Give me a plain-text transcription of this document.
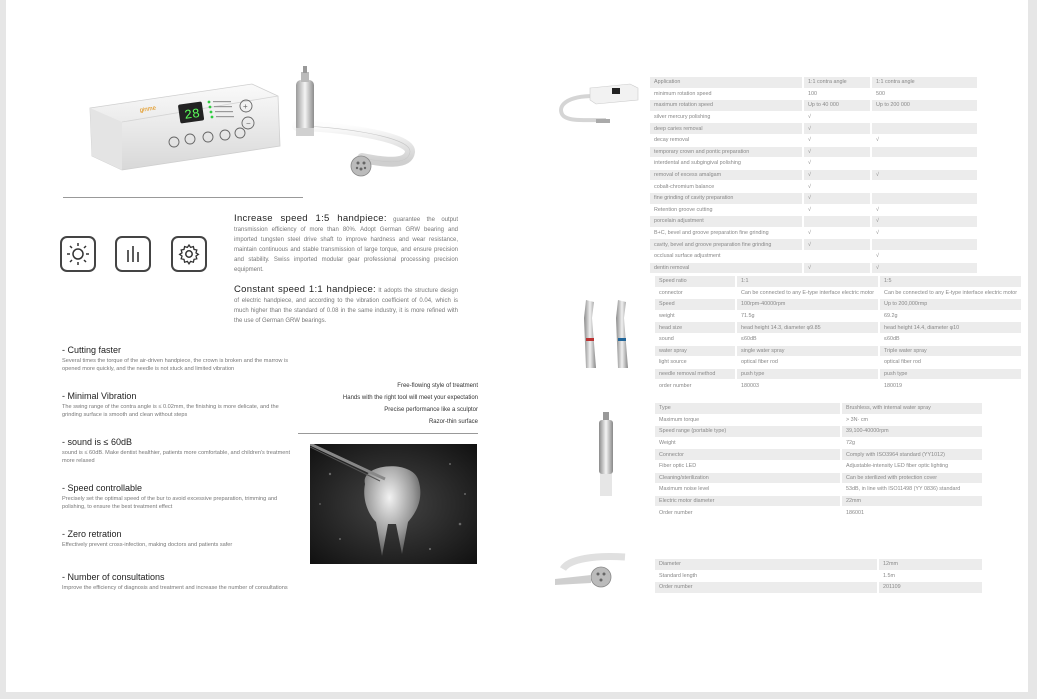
28	+
−
ginme
Increase speed 1:5 handpiece: guarantee the output transmission efficiency of more than 80%. Adopt German GRW bearing and imported tungsten steel drive shaft to improve hardness and wear resistance, maintain continuous and stable transmission of large torque, and ensure precision and stability. Swiss imported modular gear professional processing precision equipment.
Constant speed 1:1 handpiece: It adopts the structure design of electric handpiece, and according to the vibration coefficient of 0.04, which is much higher than the standard of 0.08 in the same industry, it is more refined with the use of German GRW bearings.
- Cutting faster
Several times the torque of the air-driven handpiece, the crown is broken and the marrow is opened more quickly, and the needle is not stuck and limited vibration
- Minimal Vibration
The swing range of the contra angle is ≤ 0.02mm, the finishing is more delicate, and the grinding surface is smooth and clean without steps
- sound is ≤ 60dB
sound is ≤ 60dB. Make dentist healthier, patients more comfortable, and children's treatment more relaxed
- Speed controllable
Precisely set the optimal speed of the bur to avoid excessive preparation, trimming and polishing, to ensure the best treatment effect
- Zero retration
Effectively prevent cross-infection, making doctors and patients safer
- Number of consultations
Improve the efficiency of diagnosis and treatment and increase the number of consultations
Free-flowing style of treatment
Hands with the right tool will meet your expectation
Precise performance like a sculptor
Razor-thin surface
Application	1:1 contra angle	1:1 contra angle
minimum rotation speed	100	500
maximum rotation speed	Up to 40 000	Up to 200 000
silver mercury polishing	√	
deep caries removal	√	
decay removal	√	√
temporary crown and pontic preparation	√	
interdental and subgingival polishing	√	
removal of excess amalgam	√	√
cobalt-chromium balance	√	
fine grinding of cavity preparation	√	
Retention groove cutting	√	√
porcelain adjustment		√
B+C, bevel and groove preparation fine grinding	√	√
cavity, bevel and groove preparation fine grinding	√	
occlusal surface adjustment		√
dentin removal	√	√
Speed ratio	1:1	1:5
connector	Can be connected to any E-type interface electric motor	Can be connected to any E-type interface electric motor
Speed	100rpm-40000rpm	Up to 200,000rmp
weight	71.5g	69.2g
head size	head height 14.3, diameter φ9.85	head height 14.4, diameter φ10
sound	≤60dB	≤60dB
water spray	single water spray	Triple water spray
light source	optical fiber rod	optical fiber rod
needle removal method	push type	push type
order number	180003	180019
Type	Brushless, with internal water spray
Maximum torque	> 3N· cm
Speed range (portable type)	39,100-40000rpm
Weight	72g
Connector	Comply with ISO3964 standard (YY1012)
Fiber optic LED	Adjustable-intensity LED fiber optic lighting
Cleaning/sterilization	Can be sterilized with protection cover
Maximum noise level	53dB, in line with ISO11498 (YY 0836) standard
Electric motor diameter	22mm
Order number	186001
Diameter	12mm
Standard length	1.5m
Order number	201109
